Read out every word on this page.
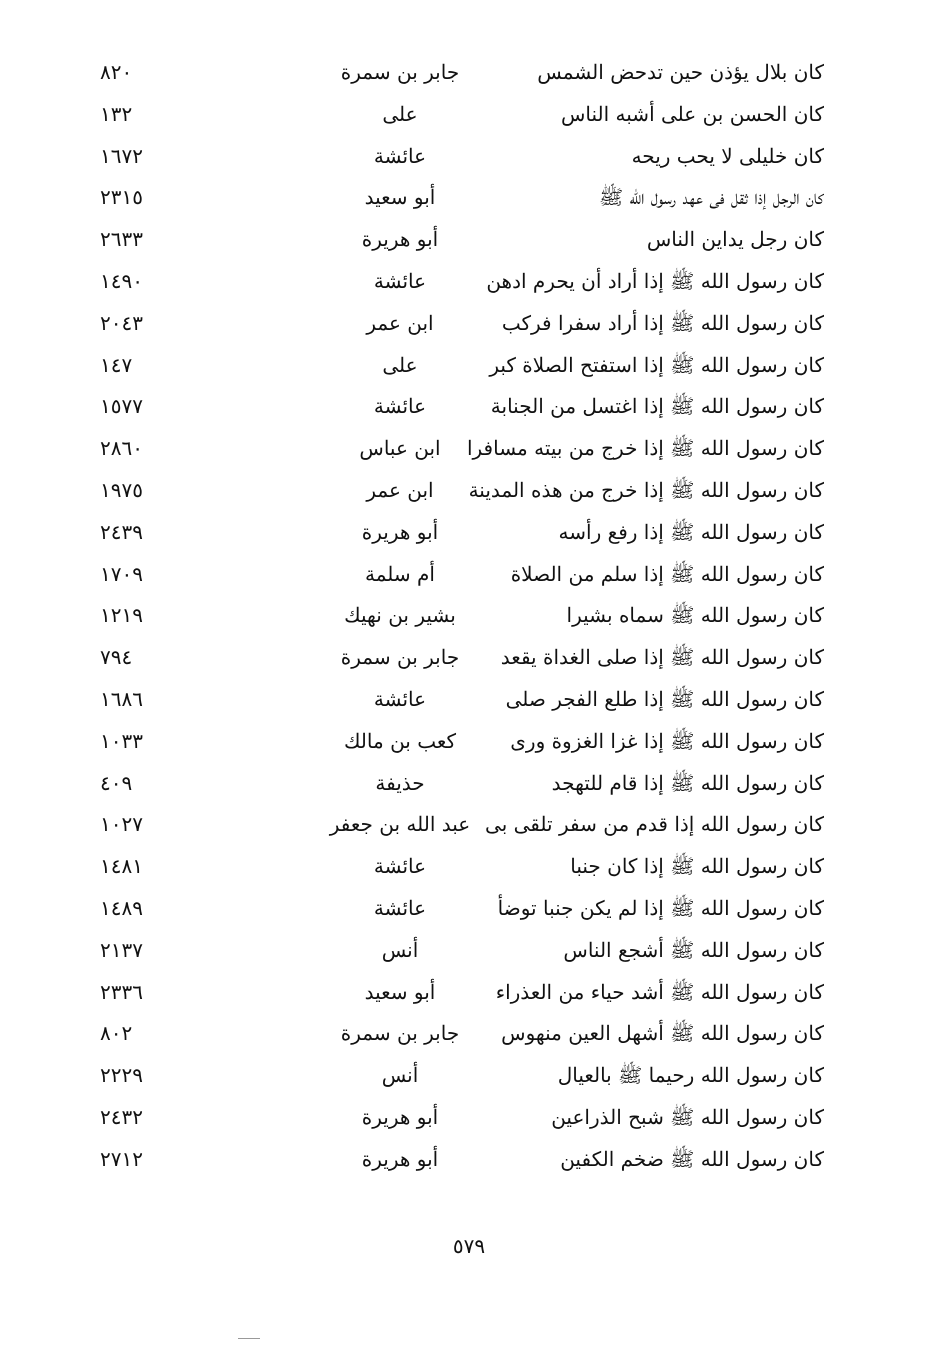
كان بلال يؤذن حين تدحض الشمس
جابر بن سمرة
٨٢٠
كان الحسن بن على أشبه الناس
على
١٣٢
كان خليلى لا يحب ريحه
عائشة
١٦٧٢
كان الرجل إذا ثقل فى عهد رسول الله ﷺ
أبو سعيد
٢٣١٥
كان رجل يداين الناس
أبو هريرة
٢٦٣٣
كان رسول الله ﷺ إذا أراد أن يحرم ادهن
عائشة
١٤٩٠
كان رسول الله ﷺ إذا أراد سفرا فركب
ابن عمر
٢٠٤٣
كان رسول الله ﷺ إذا استفتح الصلاة كبر
على
١٤٧
كان رسول الله ﷺ إذا اغتسل من الجنابة
عائشة
١٥٧٧
كان رسول الله ﷺ إذا خرج من بيته مسافرا
ابن عباس
٢٨٦٠
كان رسول الله ﷺ إذا خرج من هذه المدينة
ابن عمر
١٩٧٥
كان رسول الله ﷺ إذا رفع رأسه
أبو هريرة
٢٤٣٩
كان رسول الله ﷺ إذا سلم من الصلاة
أم سلمة
١٧٠٩
كان رسول الله ﷺ سماه بشيرا
بشير بن نهيك
١٢١٩
كان رسول الله ﷺ إذا صلى الغداة يقعد
جابر بن سمرة
٧٩٤
كان رسول الله ﷺ إذا طلع الفجر صلى
عائشة
١٦٨٦
كان رسول الله ﷺ إذا غزا الغزوة ورى
كعب بن مالك
١٠٣٣
كان رسول الله ﷺ إذا قام للتهجد
حذيفة
٤٠٩
كان رسول الله إذا قدم من سفر تلقى بى
عبد الله بن جعفر
١٠٢٧
كان رسول الله ﷺ إذا كان جنبا
عائشة
١٤٨١
كان رسول الله ﷺ إذا لم يكن جنبا توضأ
عائشة
١٤٨٩
كان رسول الله ﷺ أشجع الناس
أنس
٢١٣٧
كان رسول الله ﷺ أشد حياء من العذراء
أبو سعيد
٢٣٣٦
كان رسول الله ﷺ أشهل العين منهوس
جابر بن سمرة
٨٠٢
كان رسول الله رحيما ﷺ بالعيال
أنس
٢٢٢٩
كان رسول الله ﷺ شبح الذراعين
أبو هريرة
٢٤٣٢
كان رسول الله ﷺ ضخم الكفين
أبو هريرة
٢٧١٢
٥٧٩
